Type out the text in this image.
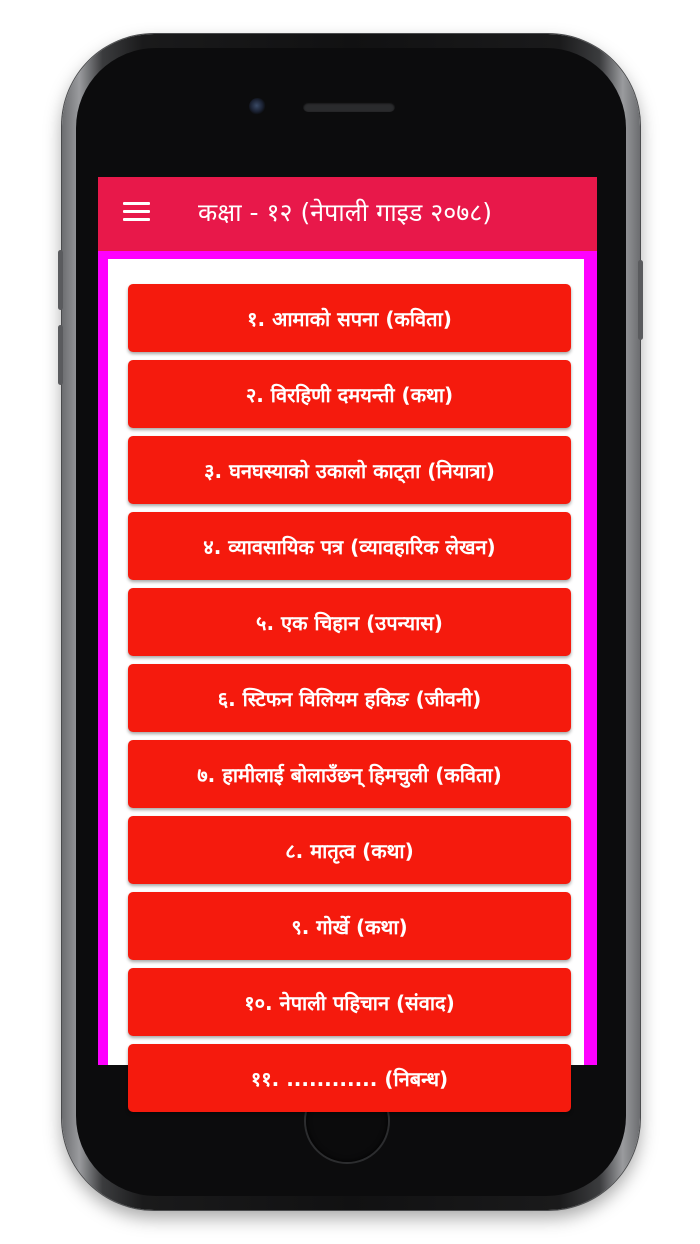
कक्षा - १२ (नेपाली गाइड २०७८)
१. आमाको सपना (कविता)
२. विरहिणी दमयन्ती (कथा)
३. घनघस्याको उकालो काट्ता (नियात्रा)
४. व्यावसायिक पत्र (व्यावहारिक लेखन)
५. एक चिहान (उपन्यास)
६. स्टिफन विलियम हकिङ (जीवनी)
७. हामीलाई बोलाउँछन् हिमचुली (कविता)
८. मातृत्व (कथा)
९. गोर्खे (कथा)
१०. नेपाली पहिचान (संवाद)
११. ............ (निबन्ध)
